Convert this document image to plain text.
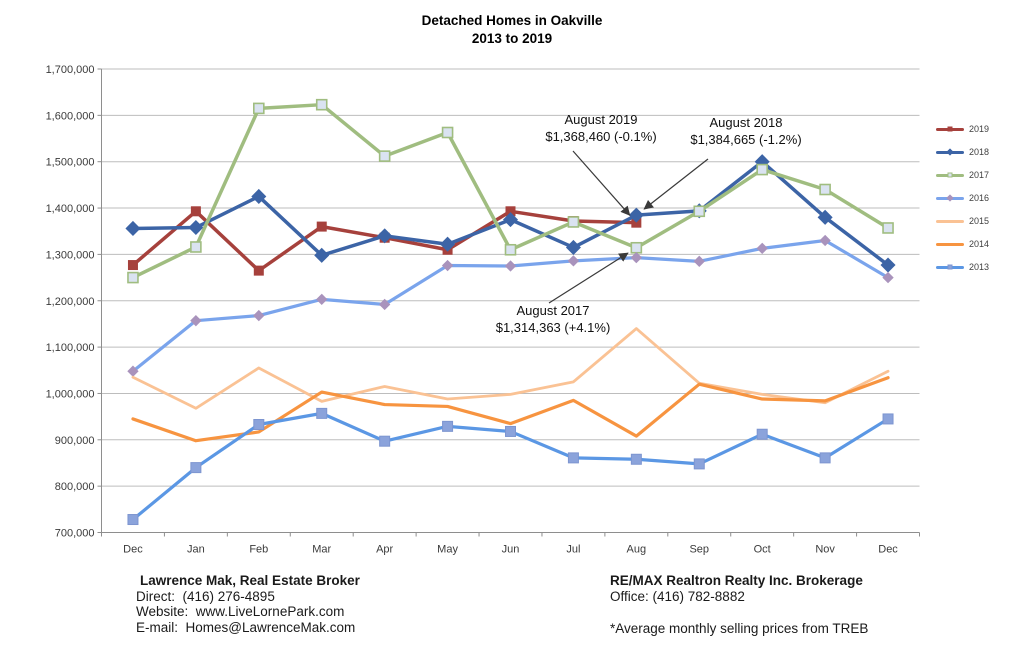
Detached Homes in Oakville
2013 to 2019
700,000
800,000
900,000
1,000,000
1,100,000
1,200,000
1,300,000
1,400,000
1,500,000
1,600,000
1,700,000
Dec	Jan	Feb	Mar	Apr	May	Jun	Jul	Aug	Sep	Oct	Nov	Dec
August 2019
$1,368,460 (-0.1%)
August 2018
$1,384,665 (-1.2%)
August 2017
$1,314,363 (+4.1%)
2019
2018
2017
2016
2015
2014
2013
Lawrence Mak, Real Estate Broker
Direct:  (416) 276-4895
Website:  www.LiveLornePark.com
E-mail:  Homes@LawrenceMak.com
RE/MAX Realtron Realty Inc. Brokerage
Office: (416) 782-8882
*Average monthly selling prices from TREB
